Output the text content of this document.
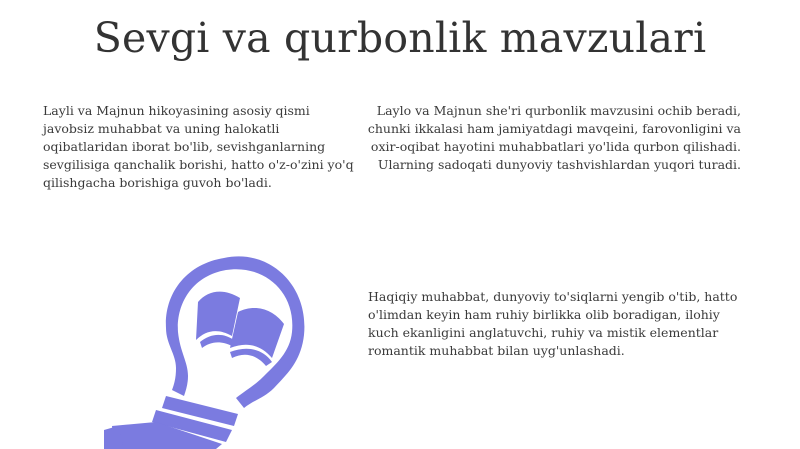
Sevgi va qurbonlik mavzulari

Layli va Majnun hikoyasining asosiy qismi javobsiz muhabbat va uning halokatli oqibatlaridan iborat bo'lib, sevishganlarning sevgilisiga qanchalik borishi, hatto o'z-o'zini yo'q qilishgacha borishiga guvoh bo'ladi.

Laylo va Majnun she'ri qurbonlik mavzusini ochib beradi, chunki ikkalasi ham jamiyatdagi mavqeini, farovonligini va oxir-oqibat hayotini muhabbatlari yo'lida qurbon qilishadi. Ularning sadoqati dunyoviy tashvishlardan yuqori turadi.

Haqiqiy muhabbat, dunyoviy to'siqlarni yengib o'tib, hatto o'limdan keyin ham ruhiy birlikka olib boradigan, ilohiy kuch ekanligini anglatuvchi, ruhiy va mistik elementlar romantik muhabbat bilan uyg'unlashadi.
